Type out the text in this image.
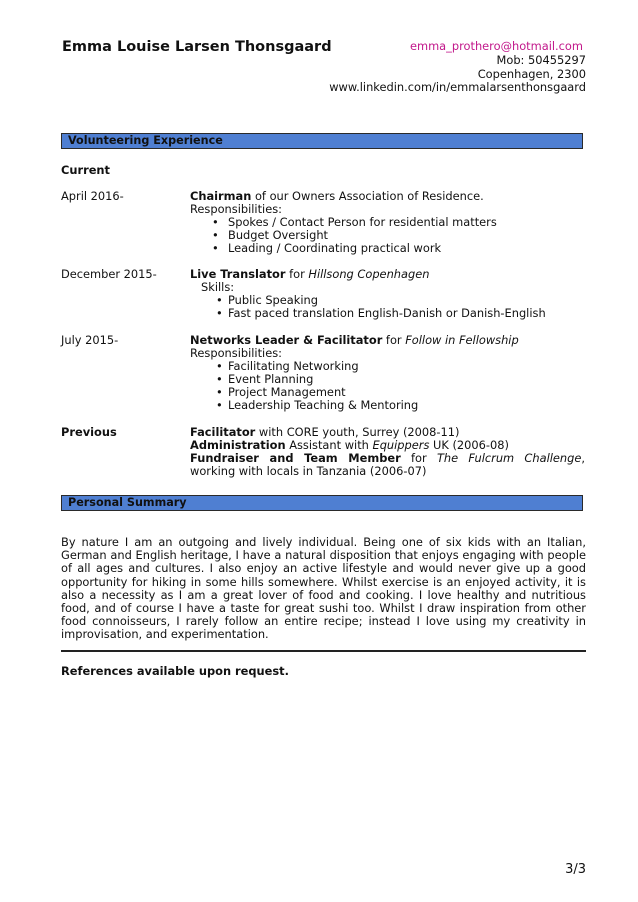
Emma Louise Larsen Thonsgaard	emma_prothero@hotmail.com
Mob: 50455297
Copenhagen, 2300
www.linkedin.com/in/emmalarsenthonsgaard
Volunteering Experience
Current
April 2016-	Chairman of our Owners Association of Residence.
Responsibilities:
• Spokes / Contact Person for residential matters
• Budget Oversight
• Leading / Coordinating practical work
December 2015-	Live Translator for Hillsong Copenhagen
Skills:
• Public Speaking
• Fast paced translation English-Danish or Danish-English
July 2015-	Networks Leader & Facilitator for Follow in Fellowship
Responsibilities:
• Facilitating Networking
• Event Planning
• Project Management
• Leadership Teaching & Mentoring
Previous	Facilitator with CORE youth, Surrey (2008-11)
Administration Assistant with Equippers UK (2006-08)
Fundraiser and Team Member for The Fulcrum Challenge, working with locals in Tanzania (2006-07)
Personal Summary
By nature I am an outgoing and lively individual. Being one of six kids with an Italian, German and English heritage, I have a natural disposition that enjoys engaging with people of all ages and cultures. I also enjoy an active lifestyle and would never give up a good opportunity for hiking in some hills somewhere. Whilst exercise is an enjoyed activity, it is also a necessity as I am a great lover of food and cooking. I love healthy and nutritious food, and of course I have a taste for great sushi too. Whilst I draw inspiration from other food connoisseurs, I rarely follow an entire recipe; instead I love using my creativity in improvisation, and experimentation.
References available upon request.
3/3
